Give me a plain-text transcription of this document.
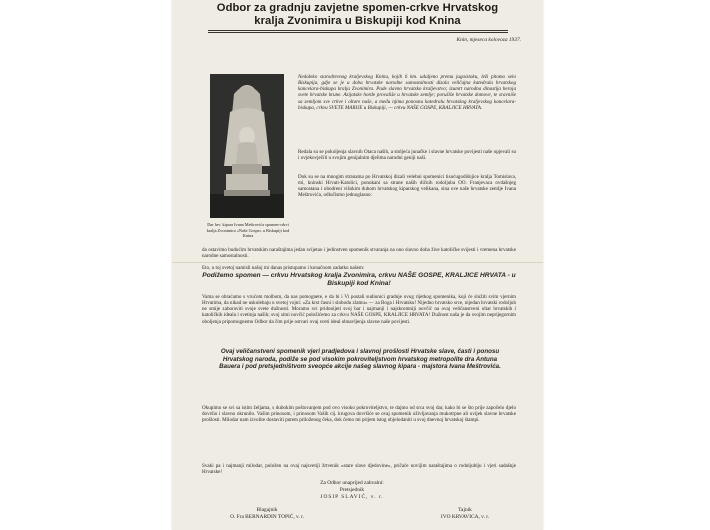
Odbor za gradnju zavjetne spomen-crkve Hrvatskog
kralja Zvonimira u Biskupiji kod Knina
Knin, mjeseca kolovoza 1937.
Dar hrv. kipara Ivana Meštrovića spomen-crkvi kralja Zvonimira «Naše Gospe» u Biskupiji kod Knina
Nedaleko starodrevnog kraljevskog Knina, kojih 6 km. udaljeno prema jugoistoku, leži pitomo selo Biskupija, gdje se je u doba hrvatske narodne samostalnosti dizala veličajna katedrala hrvatskog kancelara-biskupa kralja Zvonimira. Pade slavno hrvatsko kraljevstvo; izumrt narodna dinastija heroja svete hrvatske krune. Azijatske horde provališe u hrvatske zemlje; porušiše hrvatske domove, te sravniše sa zemljom sve crkve i oltare naše, a među njima ponosnu katedralu hrvatskog kraljevskog kancelara-biskupa, crkvu SVETE MARIJE u Biskupiji, — crkvu NAŠE GOSPE, KRALJICE HRVATA.
Redala su se pokoljenja slavnih Otaca naših, a stoljeća junačke i slavne hrvatske povijesti naše opjevali su i ovjekovječili u svojim genijalnim djelima narodni geniji naši.
Dok su se na mnogim stranama po Hrvatskoj dizali velebni spomenici tisućugodišnjice kralja Tomislava, mi, kninski Hrvati-Katolici, ponukani sa strane naših dičnih rodoljuba OO. Franjevaca ovdašnjeg samostana i obodreni višokim duhom hrvatskog kiparskog velikana, sina ove naše hrvatske zemlje Ivana Meštrovića, odlučismo jednoglasno:
da ostavimo budućim hrvatskim naraštajima jedan svijetao i jedinstven spomenik stvaranja na ono slavno doba žive katoličke svijesti i vremena hrvatske narodne samostalnosti.
Eto, u toj svetoj namisli našoj mi danas pristupamo i konačnom zadatku našem:
Podižemo spomen — crkvu Hrvatskog kralja Zvonimira, crkvu NAŠE GOSPE, KRALJICE HRVATA - u Biskupiji kod Knina!
Vama se obraćamo s vrućom molbom, da nas pomognete, e da bi i Vi postali sudionici gradnje ovog rijetkog spomenika, koji će služiti svim vjernim Hrvatima, da nikad ne uskolebaju u svetoj vojni: «Za krst časni i slobodu zlatnu» — za Boga i Hrvatsku! Nijedno hrvatsko srce, nijedan hrvatski rodoljub ne smije zaboraviti svoje svete dužnosti. Moramo svi pridonijeti svoj bar i najmanji i najskromniji novčić na ovaj veličanstveni oltar hrvatskih i katoličkih ideala i svetinja naših; svoj sitni novčić položićemo za crkvu NAŠE GOSPE, KRALJICE HRVATA! Dužnost naša je da svojim neprijegornim oboljenja pripomognemo Odbor da čim prije ostvari ovaj sveti ideal obnavljenja slavne naše povijesti.
Ovaj veličanstveni spomenik vjeri pradjedova i slavnoj prošlosti Hrvatske slave, časti i ponosu Hrvatskog naroda, podiže se pod visokim pokroviteljstvom hrvatskog metropolite dra Antuna Bauera i pod pretsjedništvom sveopće akcije našeg slavnog kipara - majstora Ivana Meštrovića.
Okupimo se svi sa istim željama, s dubokim poštovanjem pod ovo visoko pokroviteljstvo, te dajmo od srca svoj dar, kako bi se što prije započelo djelo dovršio i slavno okrunilo. Vašim prinosom, i prinosom Vaših cij. krugova dovršiće se ovaj spomenik oživljavanja mukotrpne ali uvijek slavne hrvatske prošlosti. Milodar nam izvolite dostaviti putem priloženog čeka, dok ćemo mi prijem istog objelodaniti u svoj dnevnoj hrvatskoj štampi.
Svaki pa i najmanji milodar, položen na ovaj najsvetiji žrtvenik «stare slave djedovine», pričaće novijim naraštajima o rodoljublju i vjeri sadašnje Hrvatske!
Za Odbor unaprijed zahvalni:
Pretsjednik
JOSIP SLAVIĆ, v. r.
Blagajnik
O. Fra BERNARDIN TOPIĆ, v. r.
Tajnik
IVO KRVAVICA, v. r.
